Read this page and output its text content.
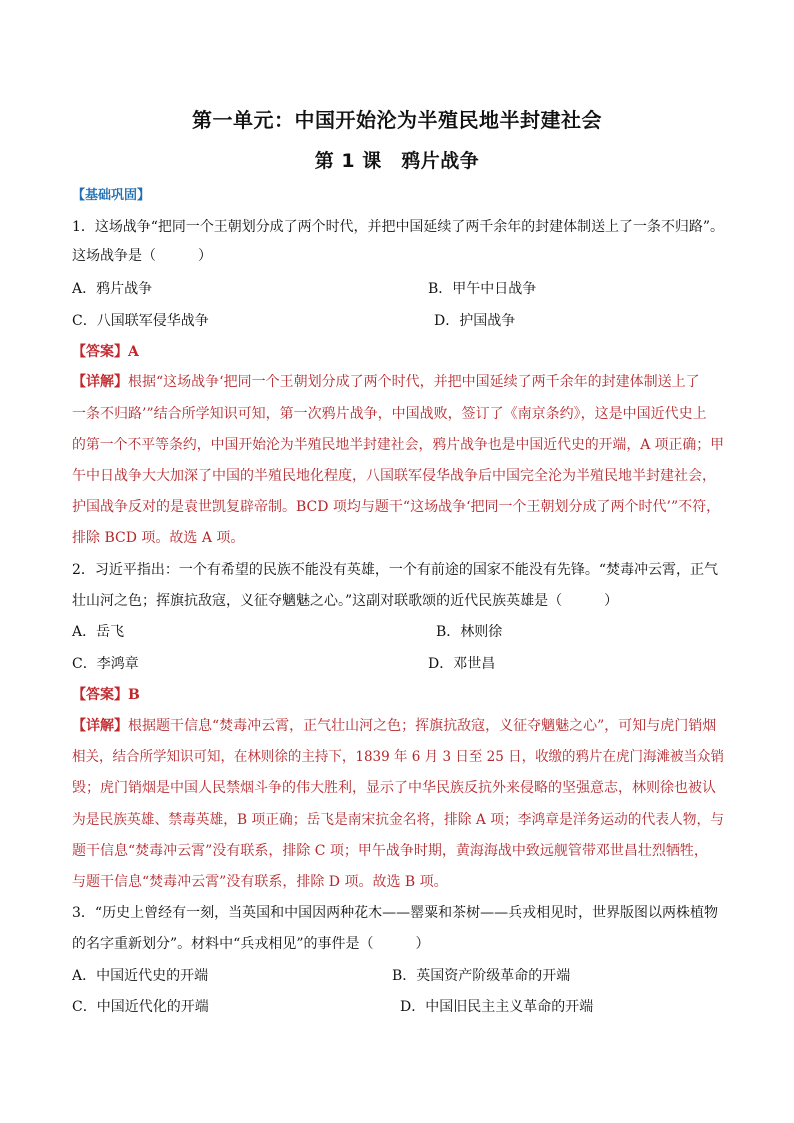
第一单元：中国开始沦为半殖民地半封建社会
第 1 课　鸦片战争
【基础巩固】
1．这场战争“把同一个王朝划分成了两个时代，并把中国延续了两千余年的封建体制送上了一条不归路”。
这场战争是（　　　）
A．鸦片战争	B．甲午中日战争
C．八国联军侵华战争	D．护国战争
【答案】A
【详解】根据“这场战争‘把同一个王朝划分成了两个时代，并把中国延续了两千余年的封建体制送上了
一条不归路’”结合所学知识可知，第一次鸦片战争，中国战败，签订了《南京条约》，这是中国近代史上
的第一个不平等条约，中国开始沦为半殖民地半封建社会，鸦片战争也是中国近代史的开端，A 项正确；甲
午中日战争大大加深了中国的半殖民地化程度，八国联军侵华战争后中国完全沦为半殖民地半封建社会，
护国战争反对的是袁世凯复辟帝制。BCD 项均与题干“这场战争‘把同一个王朝划分成了两个时代’”不符，
排除 BCD 项。故选 A 项。
2．习近平指出：一个有希望的民族不能没有英雄，一个有前途的国家不能没有先锋。“焚毒冲云霄，正气
壮山河之色；挥旗抗敌寇，义征夺魑魅之心。”这副对联歌颂的近代民族英雄是（　　　）
A．岳飞	B．林则徐
C．李鸿章	D．邓世昌
【答案】B
【详解】根据题干信息“焚毒冲云霄，正气壮山河之色；挥旗抗敌寇，义征夺魑魅之心”，可知与虎门销烟
相关，结合所学知识可知，在林则徐的主持下，1839 年 6 月 3 日至 25 日，收缴的鸦片在虎门海滩被当众销
毁；虎门销烟是中国人民禁烟斗争的伟大胜利，显示了中华民族反抗外来侵略的坚强意志，林则徐也被认
为是民族英雄、禁毒英雄，B 项正确；岳飞是南宋抗金名将，排除 A 项；李鸿章是洋务运动的代表人物，与
题干信息“焚毒冲云霄”没有联系，排除 C 项；甲午战争时期，黄海海战中致远舰管带邓世昌壮烈牺牲，
与题干信息“焚毒冲云霄”没有联系，排除 D 项。故选 B 项。
3．“历史上曾经有一刻，当英国和中国因两种花木——罂粟和茶树——兵戎相见时，世界版图以两株植物
的名字重新划分”。材料中“兵戎相见”的事件是（　　　）
A．中国近代史的开端	B．英国资产阶级革命的开端
C．中国近代化的开端	D．中国旧民主主义革命的开端
